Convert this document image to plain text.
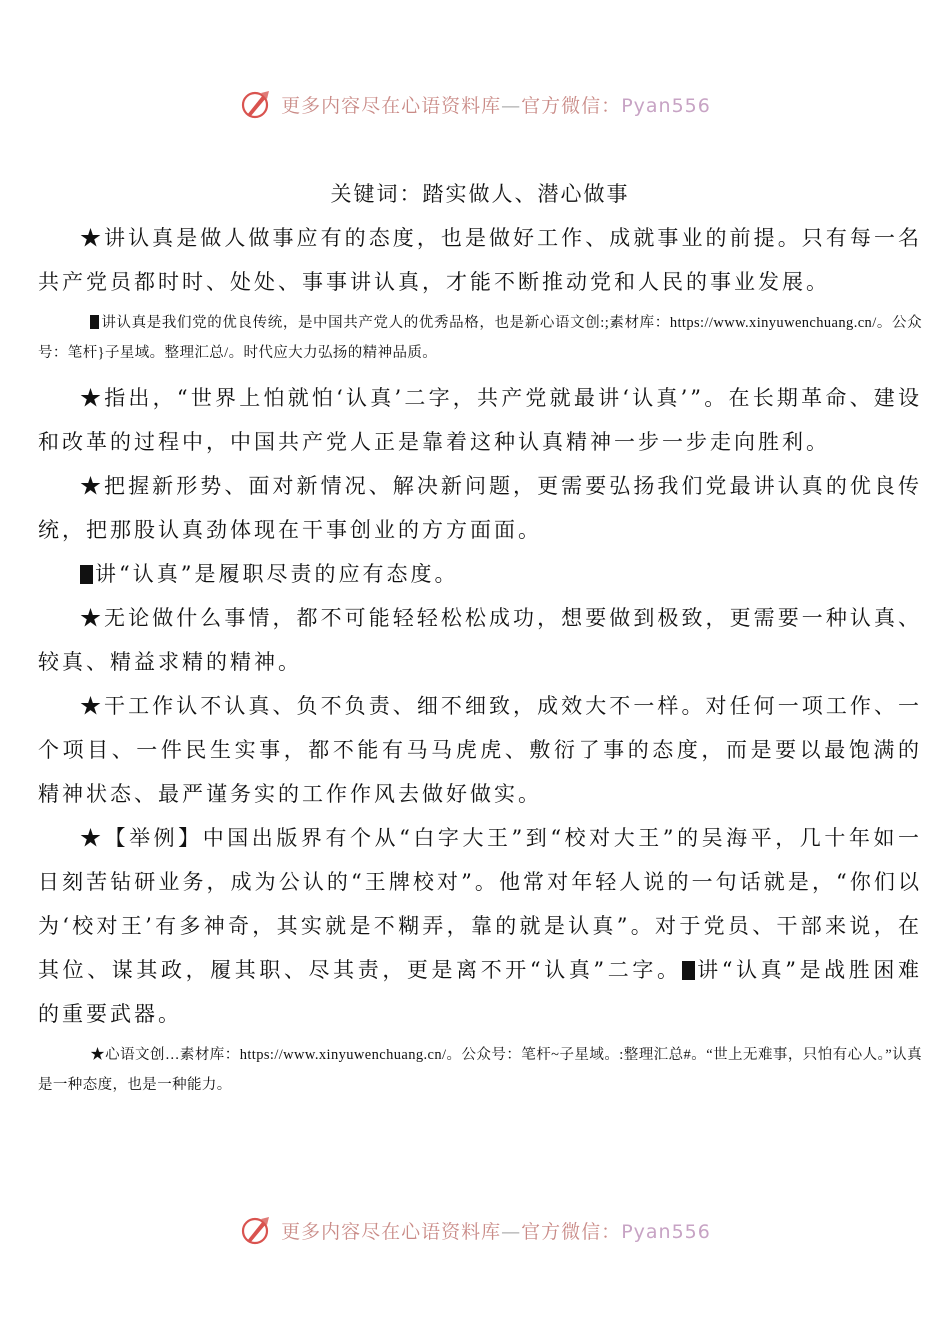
更多内容尽在心语资料库—官方微信：Pyan556

关键词：踏实做人、潜心做事

★讲认真是做人做事应有的态度，也是做好工作、成就事业的前提。只有每一名共产党员都时时、处处、事事讲认真，才能不断推动党和人民的事业发展。

讲认真是我们党的优良传统，是中国共产党人的优秀品格，也是新心语文创:;素材库：https://www.xinyuwenchuang.cn/。公众号：笔杆}子星域。整理汇总/。时代应大力弘扬的精神品质。

★指出，“世界上怕就怕‘认真’二字，共产党就最讲‘认真’”。在长期革命、建设和改革的过程中，中国共产党人正是靠着这种认真精神一步一步走向胜利。

★把握新形势、面对新情况、解决新问题，更需要弘扬我们党最讲认真的优良传统，把那股认真劲体现在干事创业的方方面面。

讲“认真”是履职尽责的应有态度。

★无论做什么事情，都不可能轻轻松松成功，想要做到极致，更需要一种认真、较真、精益求精的精神。

★干工作认不认真、负不负责、细不细致，成效大不一样。对任何一项工作、一个项目、一件民生实事，都不能有马马虎虎、敷衍了事的态度，而是要以最饱满的精神状态、最严谨务实的工作作风去做好做实。

★【举例】中国出版界有个从“白字大王”到“校对大王”的吴海平，几十年如一日刻苦钻研业务，成为公认的“王牌校对”。他常对年轻人说的一句话就是，“你们以为‘校对王’有多神奇，其实就是不糊弄，靠的就是认真”。对于党员、干部来说，在其位、谋其政，履其职、尽其责，更是离不开“认真”二字。 讲“认真”是战胜困难的重要武器。

★心语文创…素材库：https://www.xinyuwenchuang.cn/。公众号：笔杆~子星域。:整理汇总#。“世上无难事，只怕有心人。”认真是一种态度，也是一种能力。

更多内容尽在心语资料库—官方微信：Pyan556
